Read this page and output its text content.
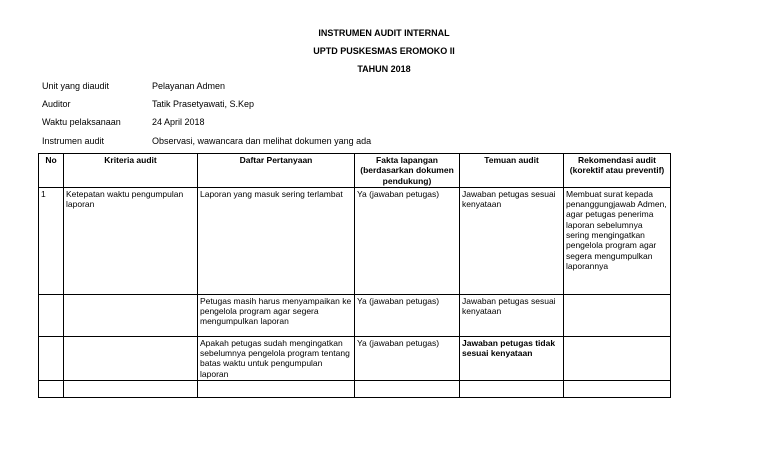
INSTRUMEN AUDIT INTERNAL
UPTD PUSKESMAS EROMOKO II
TAHUN 2018
Unit yang diaudit	Pelayanan Admen
Auditor	Tatik Prasetyawati, S.Kep
Waktu pelaksanaan	24 April 2018
Instrumen audit	Observasi, wawancara dan melihat dokumen yang ada
No	Kriteria audit	Daftar Pertanyaan	Fakta lapangan (berdasarkan dokumen pendukung)	Temuan audit	Rekomendasi audit (korektif atau preventif)
1	Ketepatan waktu pengumpulan laporan	Laporan yang masuk sering terlambat	Ya (jawaban petugas)	Jawaban petugas sesuai kenyataan	Membuat surat kepada penanggungjawab Admen, agar petugas penerima laporan sebelumnya sering mengingatkan pengelola program agar segera mengumpulkan laporannya
		Petugas masih harus menyampaikan ke pengelola program agar segera mengumpulkan laporan	Ya (jawaban petugas)	Jawaban petugas sesuai kenyataan	
		Apakah petugas sudah mengingatkan sebelumnya pengelola program tentang batas waktu untuk pengumpulan laporan	Ya (jawaban petugas)	Jawaban petugas tidak sesuai kenyataan	
